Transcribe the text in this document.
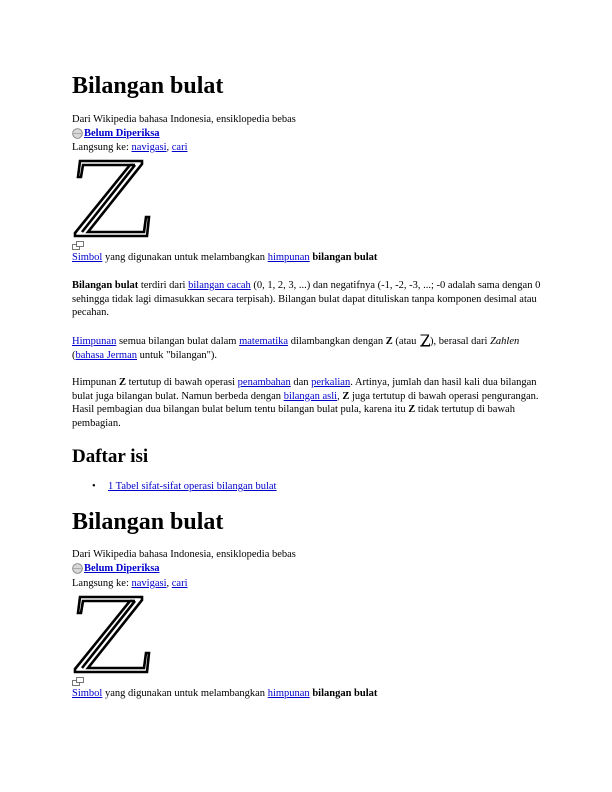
Bilangan bulat

Dari Wikipedia bahasa Indonesia, ensiklopedia bebas

Belum Diperiksa

Langsung ke: navigasi, cari

Simbol yang digunakan untuk melambangkan himpunan bilangan bulat

Bilangan bulat terdiri dari bilangan cacah (0, 1, 2, 3, ...) dan negatifnya (-1, -2, -3, ...; -0 adalah sama dengan 0 sehingga tidak lagi dimasukkan secara terpisah). Bilangan bulat dapat dituliskan tanpa komponen desimal atau pecahan.

Himpunan semua bilangan bulat dalam matematika dilambangkan dengan Z (atau ), berasal dari Zahlen (bahasa Jerman untuk "bilangan").

Himpunan Z tertutup di bawah operasi penambahan dan perkalian. Artinya, jumlah dan hasil kali dua bilangan bulat juga bilangan bulat. Namun berbeda dengan bilangan asli, Z juga tertutup di bawah operasi pengurangan. Hasil pembagian dua bilangan bulat belum tentu bilangan bulat pula, karena itu Z tidak tertutup di bawah pembagian.

Daftar isi
• 1 Tabel sifat-sifat operasi bilangan bulat
Bilangan bulat

Dari Wikipedia bahasa Indonesia, ensiklopedia bebas

Belum Diperiksa

Langsung ke: navigasi, cari

Simbol yang digunakan untuk melambangkan himpunan bilangan bulat
